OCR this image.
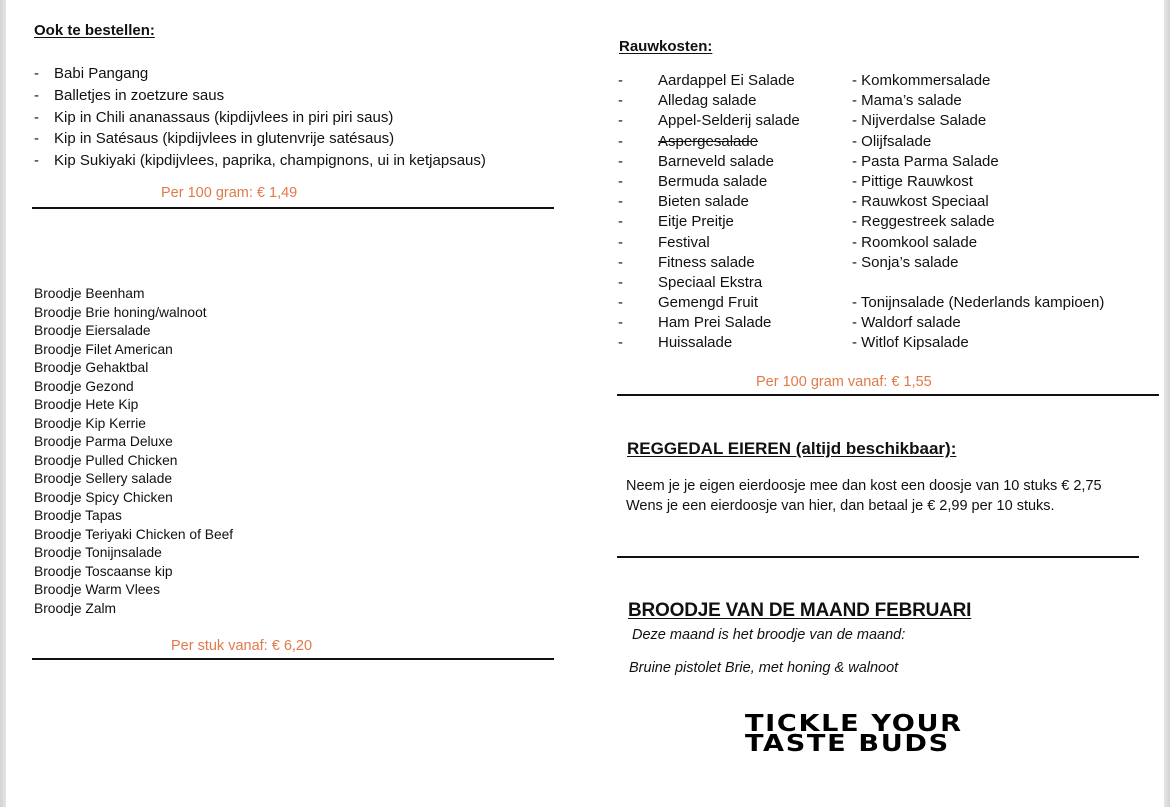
Ook te bestellen:
- Babi Pangang
- Balletjes in zoetzure saus
- Kip in Chili ananassaus (kipdijvlees in piri piri saus)
- Kip in Satésaus (kipdijvlees in glutenvrije satésaus)
- Kip Sukiyaki (kipdijvlees, paprika, champignons, ui in ketjapsaus)
Per 100 gram: € 1,49
Broodje Beenham
Broodje Brie honing/walnoot
Broodje Eiersalade
Broodje Filet American
Broodje Gehaktbal
Broodje Gezond
Broodje Hete Kip
Broodje Kip Kerrie
Broodje Parma Deluxe
Broodje Pulled Chicken
Broodje Sellery salade
Broodje Spicy Chicken
Broodje Tapas
Broodje Teriyaki Chicken of Beef
Broodje Tonijnsalade
Broodje Toscaanse kip
Broodje Warm Vlees
Broodje Zalm
Per stuk vanaf: € 6,20
Rauwkosten:
- Aardappel Ei Salade
- Alledag salade
- Appel-Selderij salade
- Aspergesalade
- Barneveld salade
- Bermuda salade
- Bieten salade
- Eitje Preitje
- Festival
- Fitness salade
- Speciaal Ekstra
- Gemengd Fruit
- Ham Prei Salade
- Huissalade
- Komkommersalade
- Mama’s salade
- Nijverdalse Salade
- Olijfsalade
- Pasta Parma Salade
- Pittige Rauwkost
- Rauwkost Speciaal
- Reggestreek salade
- Roomkool salade
- Sonja’s salade
- Tonijnsalade (Nederlands kampioen)
- Waldorf salade
- Witlof Kipsalade
Per 100 gram vanaf: € 1,55
REGGEDAL EIEREN (altijd beschikbaar):
Neem je je eigen eierdoosje mee dan kost een doosje van 10 stuks € 2,75
Wens je een eierdoosje van hier, dan betaal je € 2,99 per 10 stuks.
BROODJE VAN DE MAAND FEBRUARI
Deze maand is het broodje van de maand:
Bruine pistolet Brie, met honing & walnoot
TICKLE YOUR
TASTE BUDS
